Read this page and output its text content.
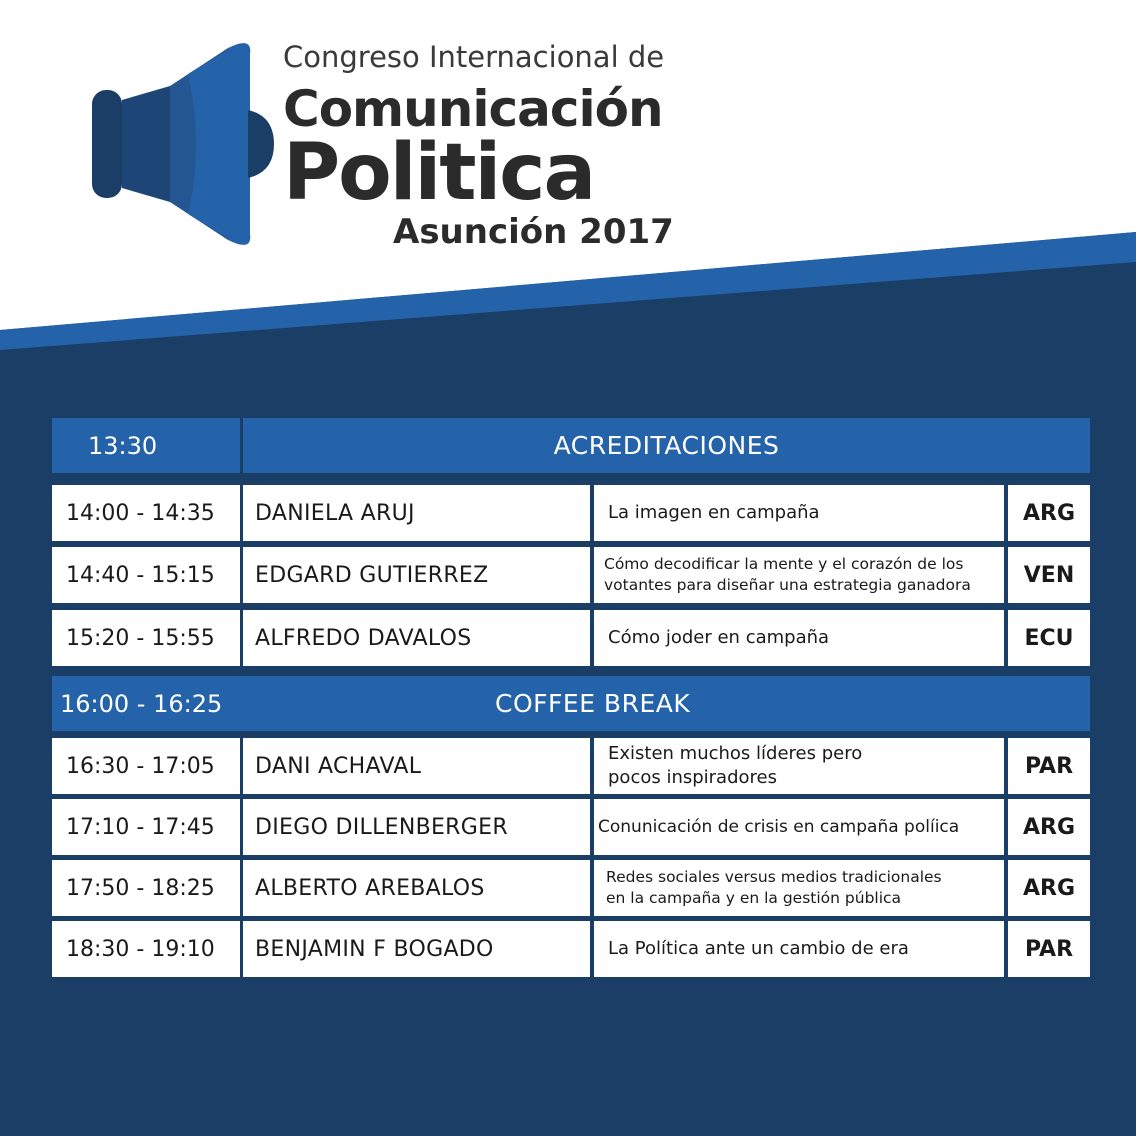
Congreso Internacional de
Comunicación
Politica
Asunción 2017
13:30	ACREDITACIONES
14:00 - 14:35	DANIELA ARUJ	La imagen en campaña	ARG
14:40 - 15:15	EDGARD GUTIERREZ	Cómo decodificar la mente y el corazón de los
votantes para diseñar una estrategia ganadora	VEN
15:20 - 15:55	ALFREDO DAVALOS	Cómo joder en campaña	ECU
16:00 - 16:25	COFFEE BREAK
16:30 - 17:05	DANI ACHAVAL	Existen muchos líderes pero
pocos inspiradores	PAR
17:10 - 17:45	DIEGO DILLENBERGER	Conunicación de crisis en campaña políica	ARG
17:50 - 18:25	ALBERTO AREBALOS	Redes sociales versus medios tradicionales
en la campaña y en la gestión pública	ARG
18:30 - 19:10	BENJAMIN F BOGADO	La Política ante un cambio de era	PAR
